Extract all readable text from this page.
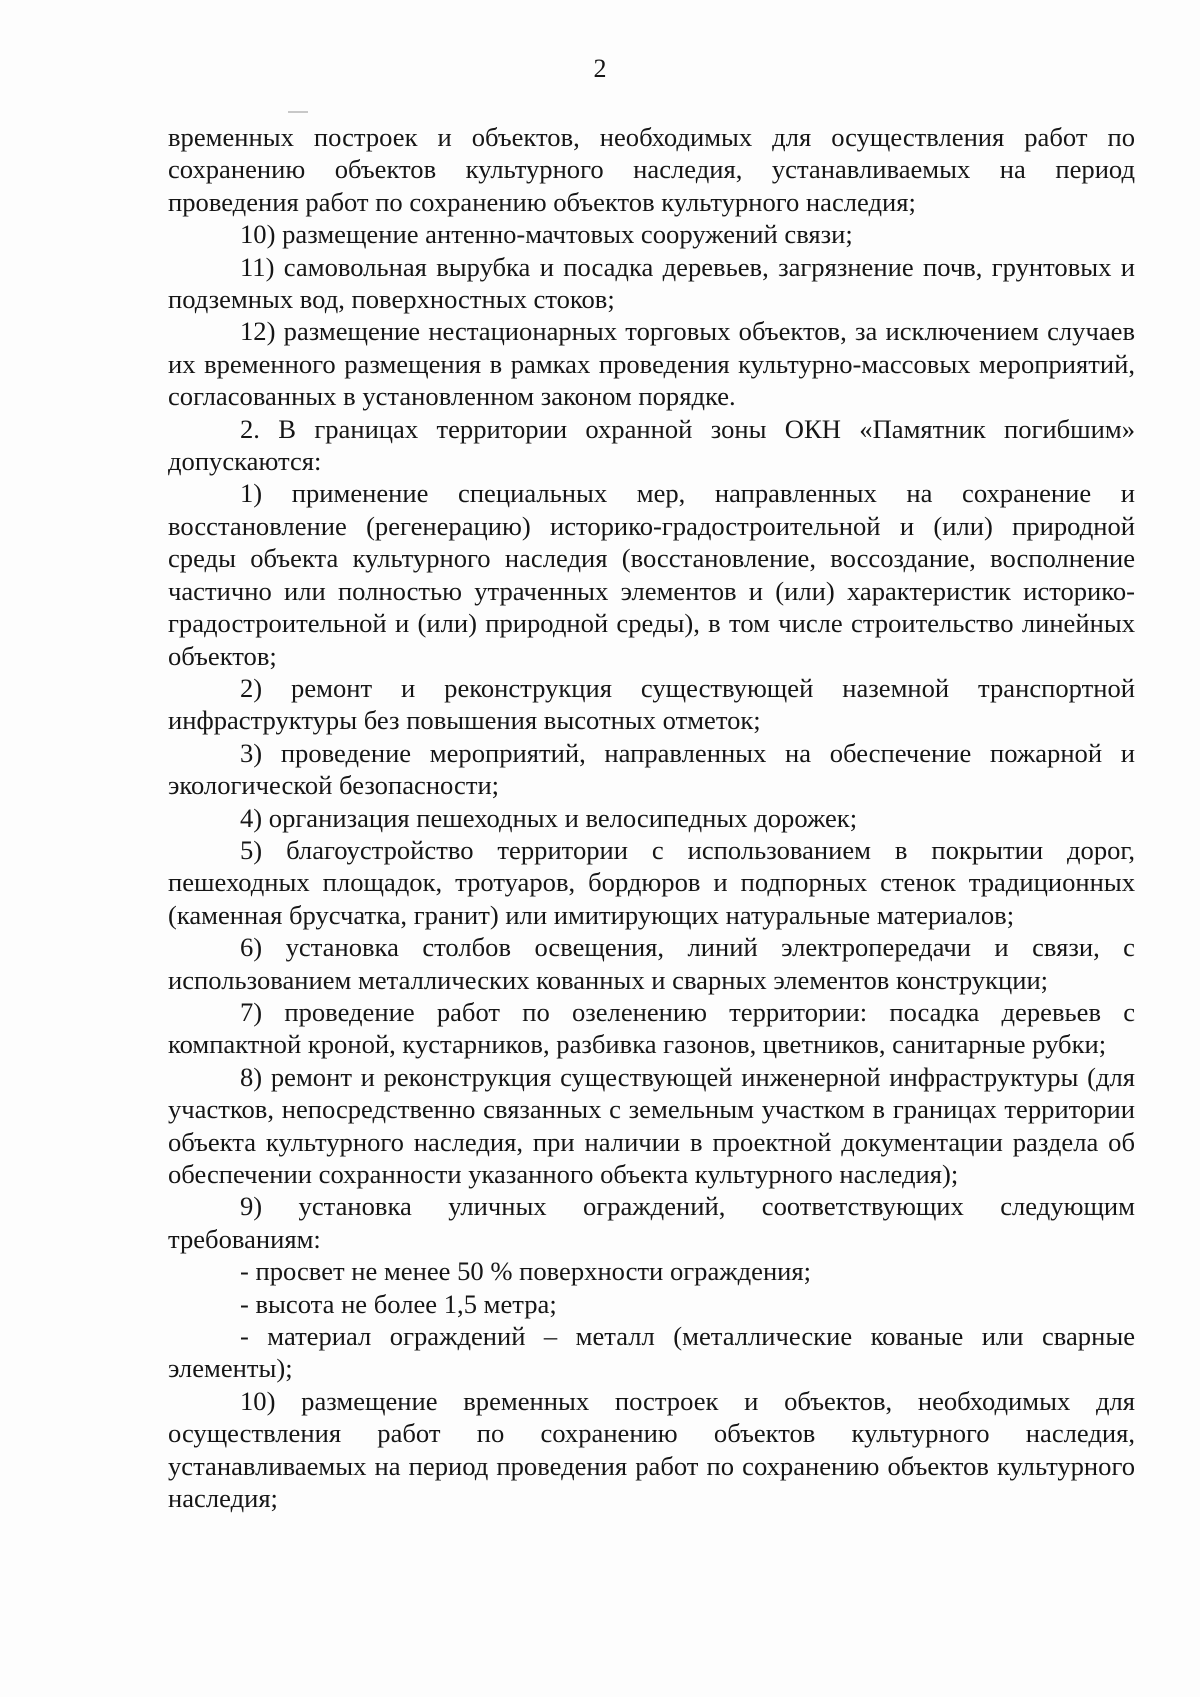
2

временных построек и объектов, необходимых для осуществления работ по сохранению объектов культурного наследия, устанавливаемых на период проведения работ по сохранению объектов культурного наследия;

10) размещение антенно-мачтовых сооружений связи;

11) самовольная вырубка и посадка деревьев, загрязнение почв, грунтовых и подземных вод, поверхностных стоков;

12) размещение нестационарных торговых объектов, за исключением случаев их временного размещения в рамках проведения культурно-массовых мероприятий, согласованных в установленном законом порядке.

2. В границах территории охранной зоны ОКН «Памятник погибшим» допускаются:

1) применение специальных мер, направленных на сохранение и восстановление (регенерацию) историко-градостроительной и (или) природной среды объекта культурного наследия (восстановление, воссоздание, восполнение частично или полностью утраченных элементов и (или) характеристик историко-градостроительной и (или) природной среды), в том числе строительство линейных объектов;

2) ремонт и реконструкция существующей наземной транспортной инфраструктуры без повышения высотных отметок;

3) проведение мероприятий, направленных на обеспечение пожарной и экологической безопасности;

4) организация пешеходных и велосипедных дорожек;

5) благоустройство территории с использованием в покрытии дорог, пешеходных площадок, тротуаров, бордюров и подпорных стенок традиционных (каменная брусчатка, гранит) или имитирующих натуральные материалов;

6) установка столбов освещения, линий электропередачи и связи, с использованием металлических кованных и сварных элементов конструкции;

7) проведение работ по озеленению территории: посадка деревьев с компактной кроной, кустарников, разбивка газонов, цветников, санитарные рубки;

8) ремонт и реконструкция существующей инженерной инфраструктуры (для участков, непосредственно связанных с земельным участком в границах территории объекта культурного наследия, при наличии в проектной документации раздела об обеспечении сохранности указанного объекта культурного наследия);

9) установка уличных ограждений, соответствующих следующим требованиям:

- просвет не менее 50 % поверхности ограждения;

- высота не более 1,5 метра;

- материал ограждений – металл (металлические кованые или сварные элементы);

10) размещение временных построек и объектов, необходимых для осуществления работ по сохранению объектов культурного наследия, устанавливаемых на период проведения работ по сохранению объектов культурного наследия;
